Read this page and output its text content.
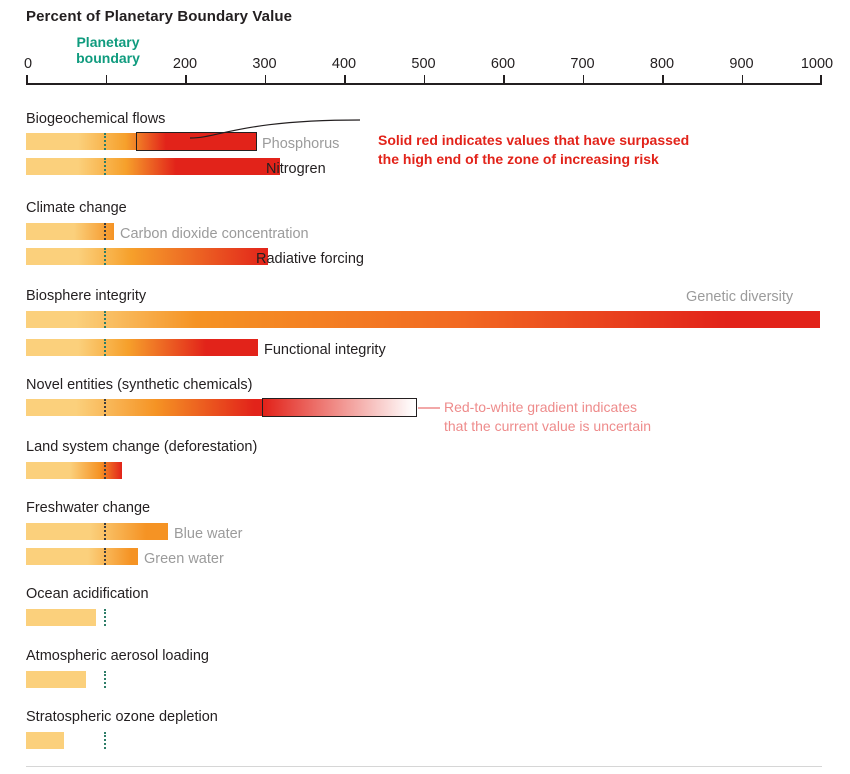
Percent of Planetary Boundary Value
0	200	300	400	500	600	700	800	900	1000
Planetary
boundary
Biogeochemical flows
Phosphorus
Nitrogren
Solid red indicates values that have surpassed
the high end of the zone of increasing risk
Climate change
Carbon dioxide concentration
Radiative forcing
Biosphere integrity	Genetic diversity
Functional integrity
Novel entities (synthetic chemicals)
Red-to-white gradient indicates
that the current value is uncertain
Land system change (deforestation)
Freshwater change
Blue water
Green water
Ocean acidification
Atmospheric aerosol loading
Stratospheric ozone depletion
